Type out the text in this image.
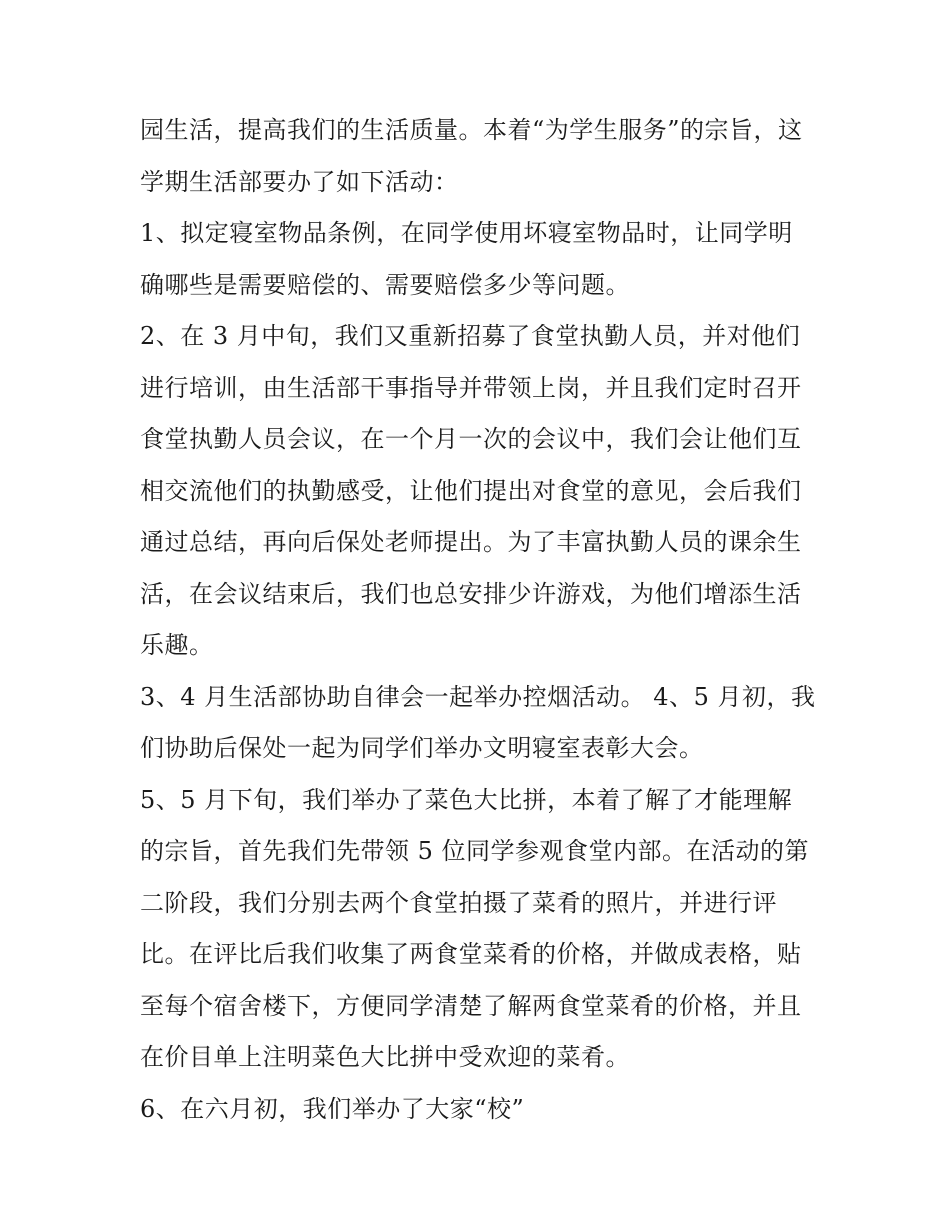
园生活，提高我们的生活质量。本着“为学生服务”的宗旨，这
学期生活部要办了如下活动：
1、拟定寝室物品条例，在同学使用坏寝室物品时，让同学明
确哪些是需要赔偿的、需要赔偿多少等问题。
2、在 3 月中旬，我们又重新招募了食堂执勤人员，并对他们
进行培训，由生活部干事指导并带领上岗，并且我们定时召开
食堂执勤人员会议，在一个月一次的会议中，我们会让他们互
相交流他们的执勤感受，让他们提出对食堂的意见，会后我们
通过总结，再向后保处老师提出。为了丰富执勤人员的课余生
活，在会议结束后，我们也总安排少许游戏，为他们增添生活
乐趣。
3、4 月生活部协助自律会一起举办控烟活动。 4、5 月初，我
们协助后保处一起为同学们举办文明寝室表彰大会。
5、5 月下旬，我们举办了菜色大比拼，本着了解了才能理解
的宗旨，首先我们先带领 5 位同学参观食堂内部。在活动的第
二阶段，我们分别去两个食堂拍摄了菜肴的照片，并进行评
比。在评比后我们收集了两食堂菜肴的价格，并做成表格，贴
至每个宿舍楼下，方便同学清楚了解两食堂菜肴的价格，并且
在价目单上注明菜色大比拼中受欢迎的菜肴。
6、在六月初，我们举办了大家“校”
